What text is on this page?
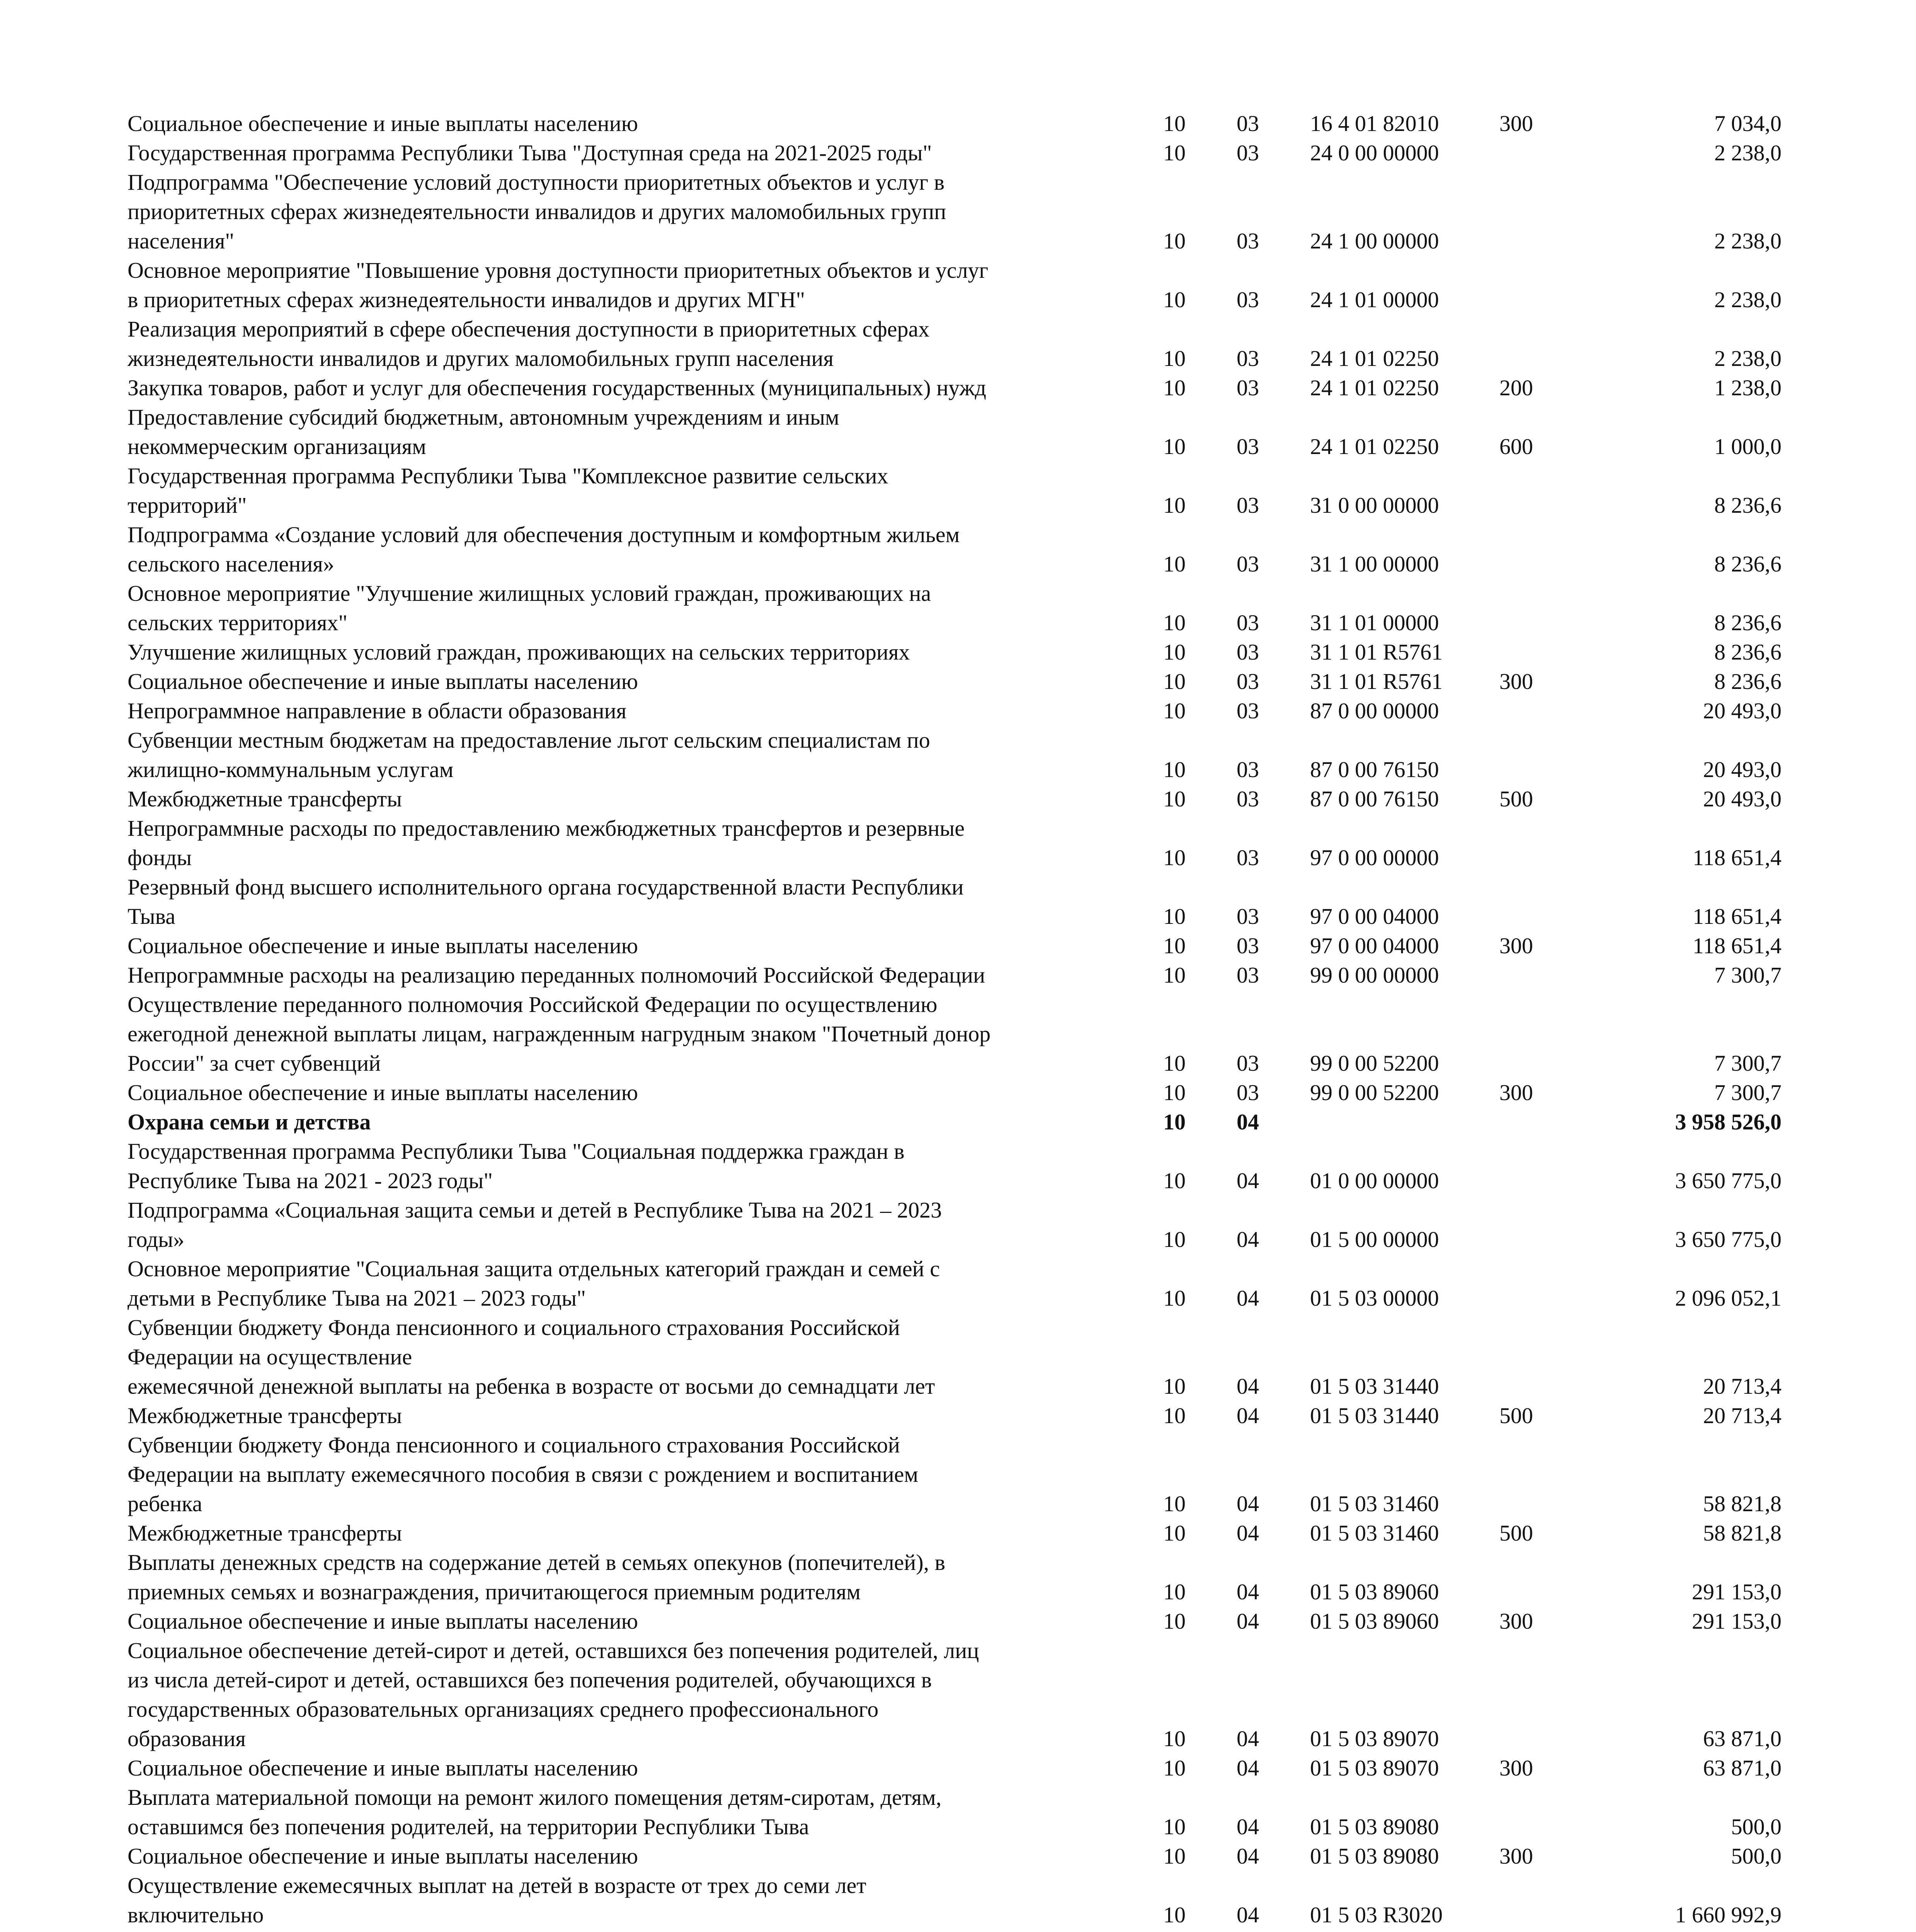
Социальное обеспечение и иные выплаты населению	10	03	16 4 01 82010	300	7 034,0
Государственная программа Республики Тыва "Доступная среда на 2021-2025 годы"	10	03	24 0 00 00000		2 238,0
Подпрограмма "Обеспечение условий доступности приоритетных объектов и услуг в
приоритетных сферах жизнедеятельности инвалидов и других маломобильных групп
населения"	10	03	24 1 00 00000		2 238,0
Основное мероприятие "Повышение уровня доступности приоритетных объектов и услуг
в приоритетных сферах жизнедеятельности инвалидов и других МГН"	10	03	24 1 01 00000		2 238,0
Реализация мероприятий в сфере обеспечения доступности в приоритетных сферах
жизнедеятельности инвалидов и других маломобильных групп населения	10	03	24 1 01 02250		2 238,0
Закупка товаров, работ и услуг для обеспечения государственных (муниципальных) нужд	10	03	24 1 01 02250	200	1 238,0
Предоставление субсидий бюджетным, автономным учреждениям и иным
некоммерческим организациям	10	03	24 1 01 02250	600	1 000,0
Государственная программа Республики Тыва "Комплексное развитие сельских
территорий"	10	03	31 0 00 00000		8 236,6
Подпрограмма «Создание условий для обеспечения доступным и комфортным жильем
сельского населения»	10	03	31 1 00 00000		8 236,6
Основное мероприятие "Улучшение жилищных условий граждан, проживающих на
сельских территориях"	10	03	31 1 01 00000		8 236,6
Улучшение жилищных условий граждан, проживающих на сельских территориях	10	03	31 1 01 R5761		8 236,6
Социальное обеспечение и иные выплаты населению	10	03	31 1 01 R5761	300	8 236,6
Непрограммное направление в области образования	10	03	87 0 00 00000		20 493,0
Субвенции местным бюджетам на предоставление льгот сельским специалистам по
жилищно-коммунальным услугам	10	03	87 0 00 76150		20 493,0
Межбюджетные трансферты	10	03	87 0 00 76150	500	20 493,0
Непрограммные расходы по предоставлению межбюджетных трансфертов и резервные
фонды	10	03	97 0 00 00000		118 651,4
Резервный фонд высшего исполнительного органа государственной власти Республики
Тыва	10	03	97 0 00 04000		118 651,4
Социальное обеспечение и иные выплаты населению	10	03	97 0 00 04000	300	118 651,4
Непрограммные расходы на реализацию переданных полномочий Российской Федерации	10	03	99 0 00 00000		7 300,7
Осуществление переданного полномочия Российской Федерации по осуществлению
ежегодной денежной выплаты лицам, награжденным нагрудным знаком "Почетный донор
России" за счет субвенций	10	03	99 0 00 52200		7 300,7
Социальное обеспечение и иные выплаты населению	10	03	99 0 00 52200	300	7 300,7
Охрана семьи и детства	10	04			3 958 526,0
Государственная программа Республики Тыва "Социальная поддержка граждан в
Республике Тыва на 2021 - 2023 годы"	10	04	01 0 00 00000		3 650 775,0
Подпрограмма «Социальная защита семьи и детей в Республике Тыва на 2021 – 2023
годы»	10	04	01 5 00 00000		3 650 775,0
Основное мероприятие "Социальная защита отдельных категорий граждан и семей с
детьми в Республике Тыва на 2021 – 2023 годы"	10	04	01 5 03 00000		2 096 052,1
Субвенции бюджету Фонда пенсионного и социального страхования Российской
Федерации на осуществление
ежемесячной денежной выплаты на ребенка в возрасте от восьми до семнадцати лет	10	04	01 5 03 31440		20 713,4
Межбюджетные трансферты	10	04	01 5 03 31440	500	20 713,4
Субвенции бюджету Фонда пенсионного и социального страхования Российской
Федерации на выплату ежемесячного пособия в связи с рождением и воспитанием
ребенка	10	04	01 5 03 31460		58 821,8
Межбюджетные трансферты	10	04	01 5 03 31460	500	58 821,8
Выплаты денежных средств на содержание детей в семьях опекунов (попечителей), в
приемных семьях и вознаграждения, причитающегося приемным родителям	10	04	01 5 03 89060		291 153,0
Социальное обеспечение и иные выплаты населению	10	04	01 5 03 89060	300	291 153,0
Социальное обеспечение детей-сирот и детей, оставшихся без попечения родителей, лиц
из числа детей-сирот и детей, оставшихся без попечения родителей, обучающихся в
государственных образовательных организациях среднего профессионального
образования	10	04	01 5 03 89070		63 871,0
Социальное обеспечение и иные выплаты населению	10	04	01 5 03 89070	300	63 871,0
Выплата материальной помощи на ремонт жилого помещения детям-сиротам, детям,
оставшимся без попечения родителей, на территории Республики Тыва	10	04	01 5 03 89080		500,0
Социальное обеспечение и иные выплаты населению	10	04	01 5 03 89080	300	500,0
Осуществление ежемесячных выплат на детей в возрасте от трех до семи лет
включительно	10	04	01 5 03 R3020		1 660 992,9
